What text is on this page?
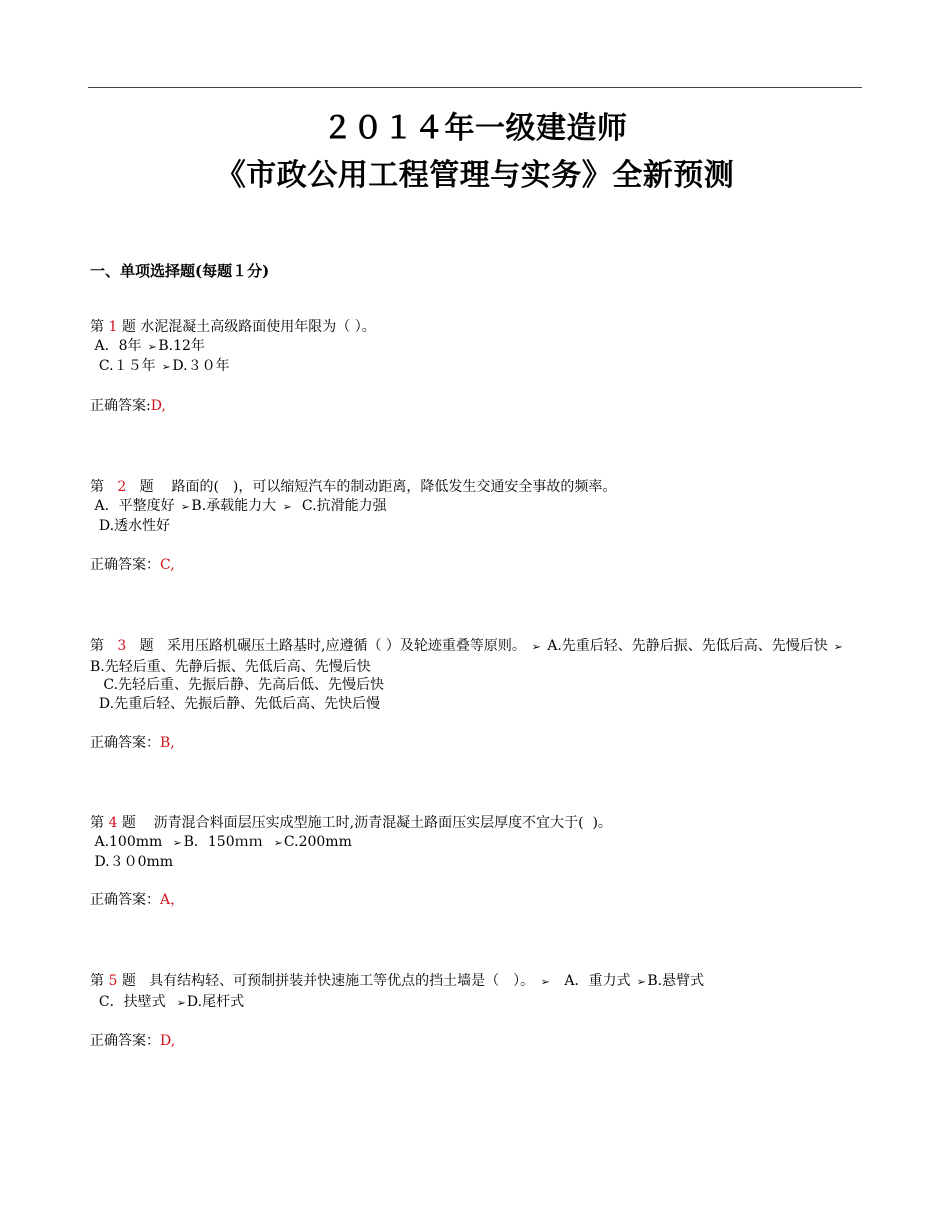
２０１４年一级建造师
《市政公用工程管理与实务》全新预测
一、单项选择题(每题１分)
第 1 题 水泥混凝土高级路面使用年限为（ ）。
A．8年 ➢ B.12年
C.１５年 ➢ D.３０年
正确答案:D,
第 2 题 路面的(　)，可以缩短汽车的制动距离，降低发生交通安全事故的频率。
A．平整度好 ➢ B.承载能力大 ➢ C.抗滑能力强
D.透水性好
正确答案：C,
第 3 题 采用压路机碾压土路基时,应遵循（ ）及轮迹重叠等原则。 ➢ A.先重后轻、先静后振、先低后高、先慢后快 ➢  B.先轻后重、先静后振、先低后高、先慢后快
C.先轻后重、先振后静、先高后低、先慢后快
D.先重后轻、先振后静、先低后高、先快后慢
正确答案：B,
第 4 题 沥青混合料面层压实成型施工时,沥青混凝土路面压实层厚度不宜大于(  )。
A.100mm ➢ B．150ｍｍ ➢ C.200mm
D.３０0mm
正确答案：A，
第 5 题 具有结构轻、可预制拼装并快速施工等优点的挡土墙是（　）。 ➢ A．重力式 ➢ B.悬臂式
C．扶壁式 ➢ D.尾杆式
正确答案：D,
